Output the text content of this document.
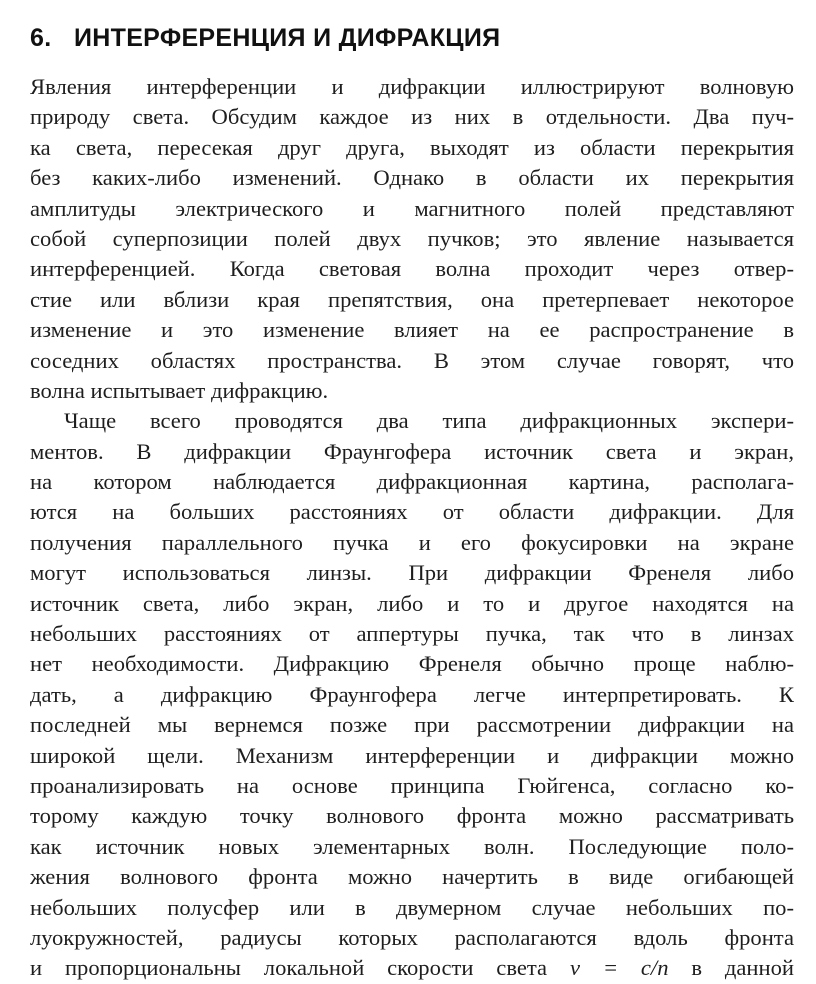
6. ИНТЕРФЕРЕНЦИЯ И ДИФРАКЦИЯ
Явления интерференции и дифракции иллюстрируют волновую
природу света. Обсудим каждое из них в отдельности. Два пуч-
ка света, пересекая друг друга, выходят из области перекрытия
без каких-либо изменений. Однако в области их перекрытия
амплитуды электрического и магнитного полей представляют
собой суперпозиции полей двух пучков; это явление называется
интерференцией. Когда световая волна проходит через отвер-
стие или вблизи края препятствия, она претерпевает некоторое
изменение и это изменение влияет на ее распространение в
соседних областях пространства. В этом случае говорят, что
волна испытывает дифракцию.
Чаще всего проводятся два типа дифракционных экспери-
ментов. В дифракции Фраунгофера источник света и экран,
на котором наблюдается дифракционная картина, располага-
ются на больших расстояниях от области дифракции. Для
получения параллельного пучка и его фокусировки на экране
могут использоваться линзы. При дифракции Френеля либо
источник света, либо экран, либо и то и другое находятся на
небольших расстояниях от аппертуры пучка, так что в линзах
нет необходимости. Дифракцию Френеля обычно проще наблю-
дать, а дифракцию Фраунгофера легче интерпретировать. К
последней мы вернемся позже при рассмотрении дифракции на
широкой щели. Механизм интерференции и дифракции можно
проанализировать на основе принципа Гюйгенса, согласно ко-
торому каждую точку волнового фронта можно рассматривать
как источник новых элементарных волн. Последующие поло-
жения волнового фронта можно начертить в виде огибающей
небольших полусфер или в двумерном случае небольших по-
луокружностей, радиусы которых располагаются вдоль фронта
и пропорциональны локальной скорости света v = c/n в данной
